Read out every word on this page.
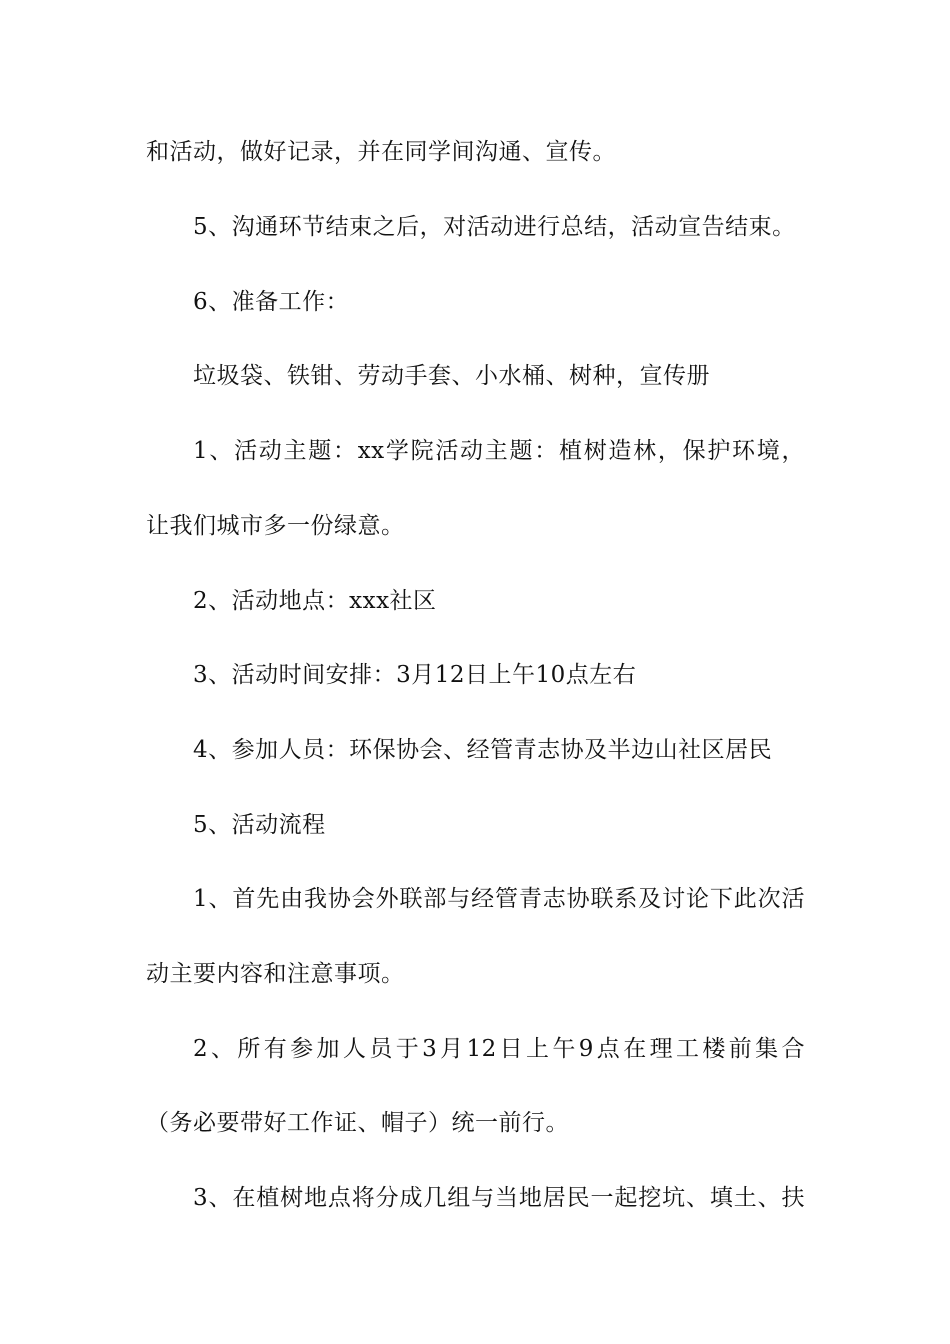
和活动，做好记录，并在同学间沟通、宣传。
5、沟通环节结束之后，对活动进行总结，活动宣告结束。
6、准备工作：
垃圾袋、铁钳、劳动手套、小水桶、树种，宣传册
1、活动主题：xx学院活动主题：植树造林，保护环境，
让我们城市多一份绿意。
2、活动地点：xxx社区
3、活动时间安排：3月12日上午10点左右
4、参加人员：环保协会、经管青志协及半边山社区居民
5、活动流程
1、首先由我协会外联部与经管青志协联系及讨论下此次活
动主要内容和注意事项。
2、所有参加人员于3月12日上午9点在理工楼前集合
（务必要带好工作证、帽子）统一前行。
3、在植树地点将分成几组与当地居民一起挖坑、填土、扶
